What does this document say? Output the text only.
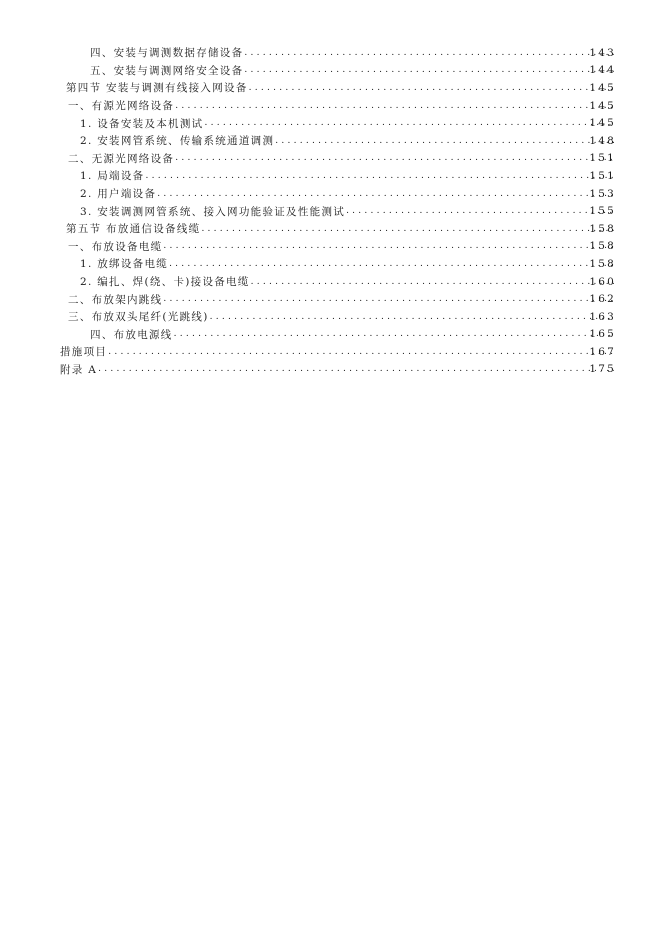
四、安装与调测数据存储设备 . . .	143
五、安装与调测网络安全设备 . . .	144
第四节 安装与调测有线接入网设备 . . .	145
一、有源光网络设备 . . .	145
1. 设备安装及本机测试 . . .	145
2. 安装网管系统、传输系统通道调测 . . .	148
二、无源光网络设备 . . .	151
1. 局端设备 . . .	151
2. 用户端设备 . . .	153
3. 安装调测网管系统、接入网功能验证及性能测试 . . .	155
第五节 布放通信设备线缆 . . .	158
一、布放设备电缆 . . .	158
1. 放绑设备电缆 . . .	158
2. 编扎、焊(绕、卡)接设备电缆 . . .	160
二、布放架内跳线 . . .	162
三、布放双头尾纤(光跳线) . . .	163
四、布放电源线 . . .	165
措施项目 . . .	167
附录 A . . .	175
